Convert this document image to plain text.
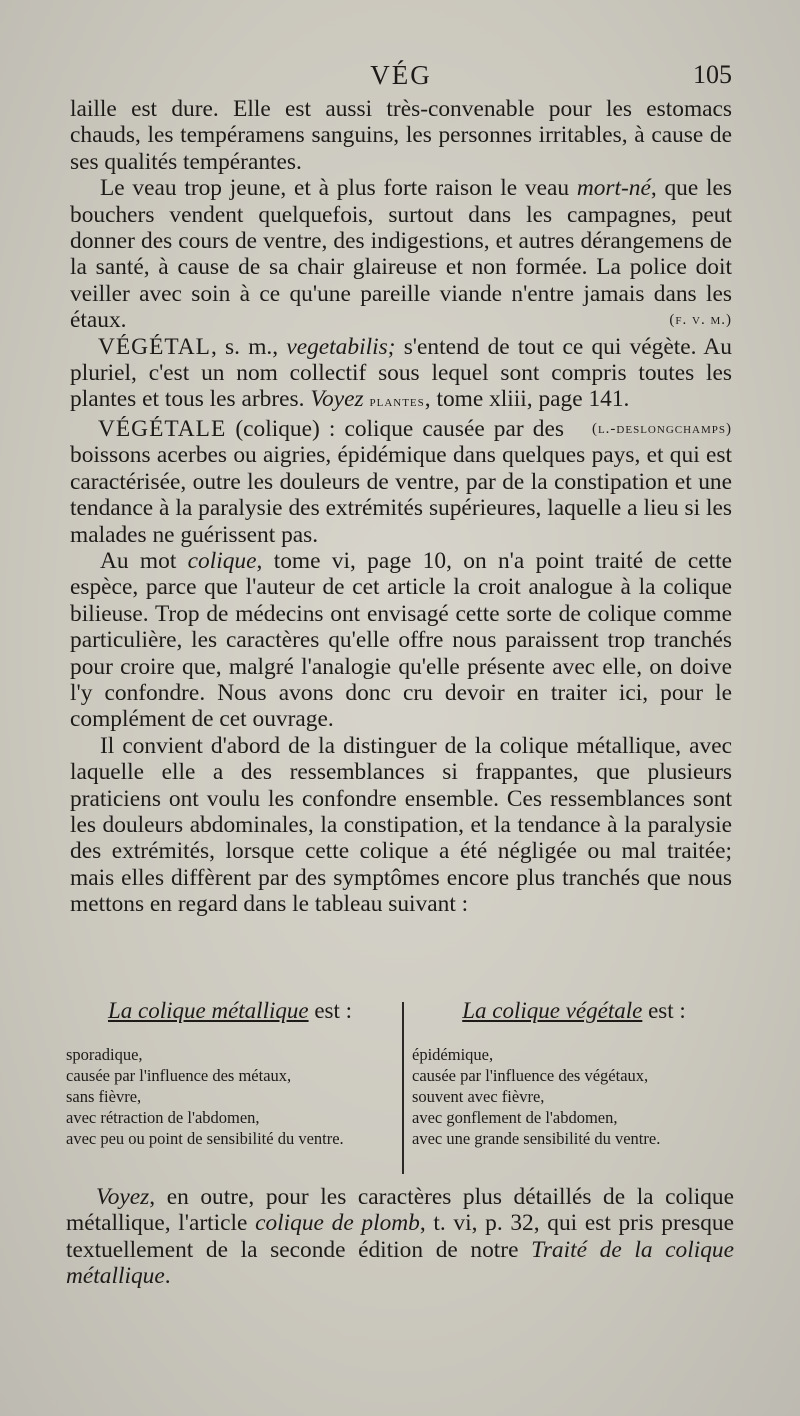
VÉG	105

laille est dure. Elle est aussi très-convenable pour les estomacs chauds, les tempéramens sanguins, les personnes irritables, à cause de ses qualités tempérantes.

Le veau trop jeune, et à plus forte raison le veau mort-né, que les bouchers vendent quelquefois, surtout dans les campagnes, peut donner des cours de ventre, des indigestions, et autres dérangemens de la santé, à cause de sa chair glaireuse et non formée. La police doit veiller avec soin à ce qu'une pareille viande n'entre jamais dans les étaux.	(f. v. m.)

VÉGÉTAL, s. m., vegetabilis; s'entend de tout ce qui végète. Au pluriel, c'est un nom collectif sous lequel sont compris toutes les plantes et tous les arbres. Voyez plantes, tome xliii, page 141.
(l.-deslongchamps)

VÉGÉTALE (colique) : colique causée par des boissons acerbes ou aigries, épidémique dans quelques pays, et qui est caractérisée, outre les douleurs de ventre, par de la constipation et une tendance à la paralysie des extrémités supérieures, laquelle a lieu si les malades ne guérissent pas.

Au mot colique, tome vi, page 10, on n'a point traité de cette espèce, parce que l'auteur de cet article la croit analogue à la colique bilieuse. Trop de médecins ont envisagé cette sorte de colique comme particulière, les caractères qu'elle offre nous paraissent trop tranchés pour croire que, malgré l'analogie qu'elle présente avec elle, on doive l'y confondre. Nous avons donc cru devoir en traiter ici, pour le complément de cet ouvrage.

Il convient d'abord de la distinguer de la colique métallique, avec laquelle elle a des ressemblances si frappantes, que plusieurs praticiens ont voulu les confondre ensemble. Ces ressemblances sont les douleurs abdominales, la constipation, et la tendance à la paralysie des extrémités, lorsque cette colique a été négligée ou mal traitée; mais elles diffèrent par des symptômes encore plus tranchés que nous mettons en regard dans le tableau suivant :

La colique métallique est :
sporadique,
causée par l'influence des métaux,
sans fièvre,
avec rétraction de l'abdomen,
avec peu ou point de sensibilité du ventre.
La colique végétale est :
épidémique,
causée par l'influence des végétaux,
souvent avec fièvre,
avec gonflement de l'abdomen,
avec une grande sensibilité du ventre.

Voyez, en outre, pour les caractères plus détaillés de la colique métallique, l'article colique de plomb, t. vi, p. 32, qui est pris presque textuellement de la seconde édition de notre Traité de la colique métallique.
